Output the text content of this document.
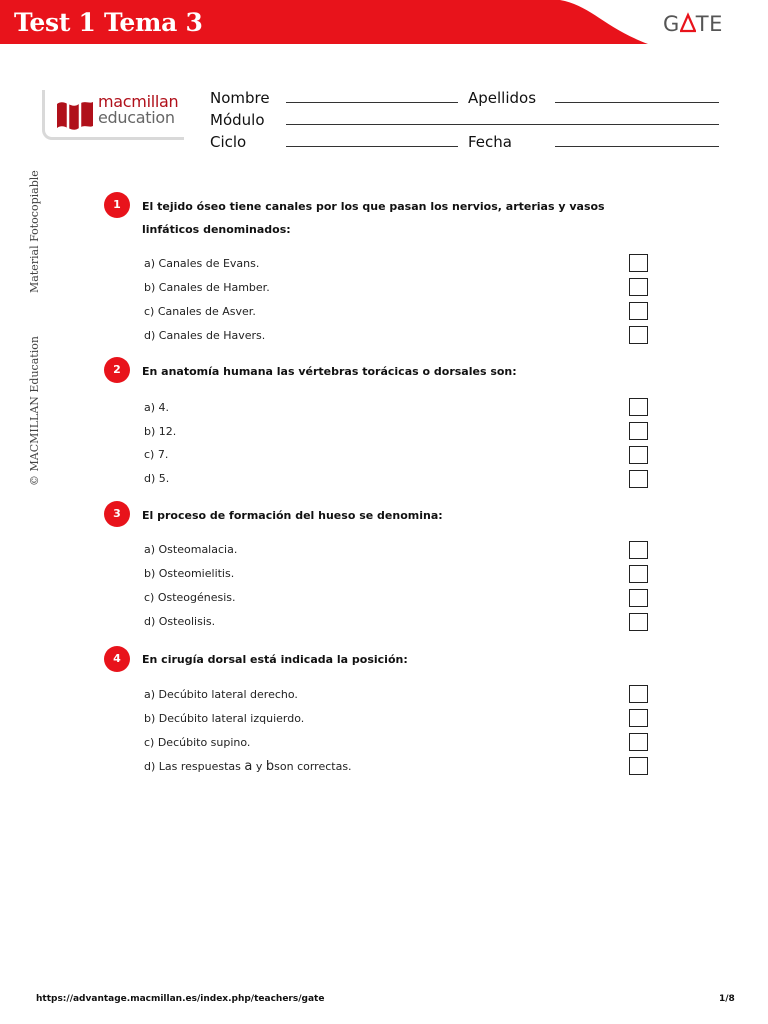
Test 1 Tema 3	G TE
macmillan
education
Nombre	Apellidos
Módulo
Ciclo	Fecha
Material Fotocopiable
© MACMILLAN Education
1	El tejido óseo tiene canales por los que pasan los nervios, arterias y vasos linfáticos denominados:
a) Canales de Evans.
b) Canales de Hamber.
c) Canales de Asver.
d) Canales de Havers.
2	En anatomía humana las vértebras torácicas o dorsales son:
a) 4.
b) 12.
c) 7.
d) 5.
3	El proceso de formación del hueso se denomina:
a) Osteomalacia.
b) Osteomielitis.
c) Osteogénesis.
d) Osteolisis.
4	En cirugía dorsal está indicada la posición:
a) Decúbito lateral derecho.
b) Decúbito lateral izquierdo.
c) Decúbito supino.
d) Las respuestas a y bson correctas.
https://advantage.macmillan.es/index.php/teachers/gate	1/8
